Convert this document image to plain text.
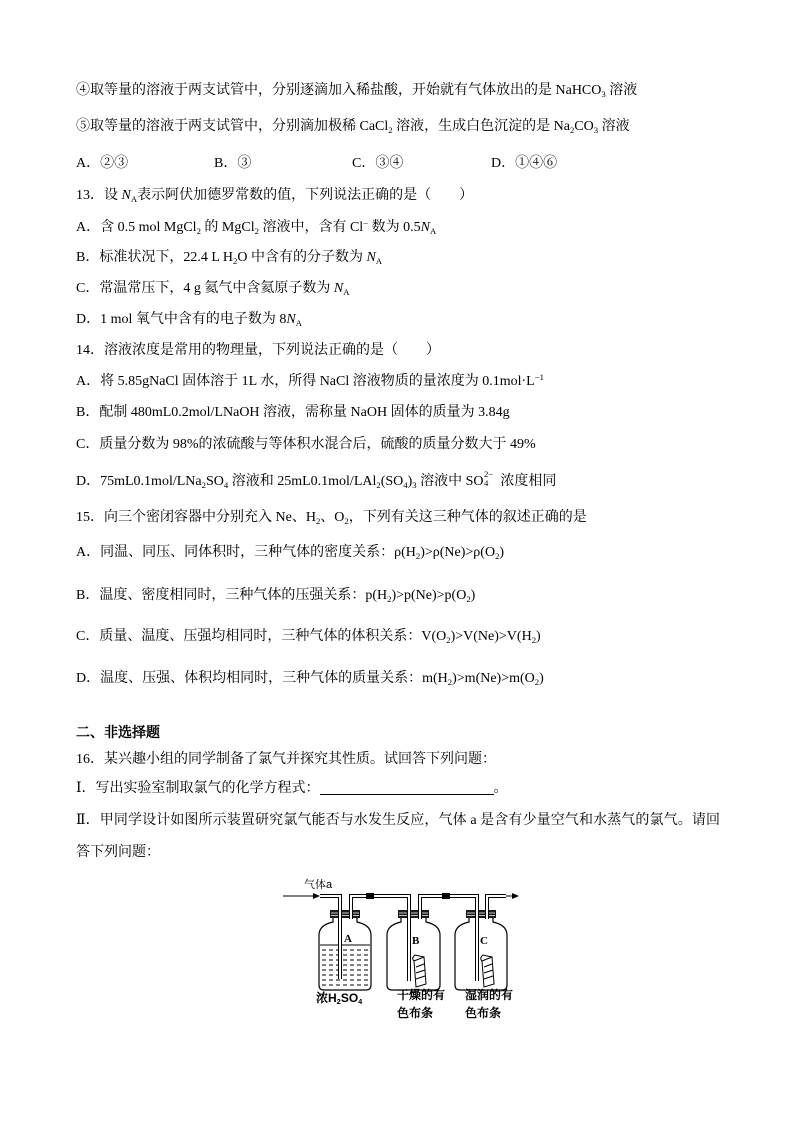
④取等量的溶液于两支试管中，分别逐滴加入稀盐酸，开始就有气体放出的是 NaHCO3 溶液
⑤取等量的溶液于两支试管中，分别滴加极稀 CaCl2 溶液，生成白色沉淀的是 Na2CO3 溶液
A．②③	B．③	C．③④	D．①④⑥
13．设 NA表示阿伏加德罗常数的值，下列说法正确的是（　　）
A．含 0.5 mol MgCl2 的 MgCl2 溶液中，含有 Cl− 数为 0.5NA
B．标准状况下，22.4 L H2O 中含有的分子数为 NA
C．常温常压下，4 g 氦气中含氦原子数为 NA
D．1 mol 氧气中含有的电子数为 8NA
14．溶液浓度是常用的物理量，下列说法正确的是（　　）
A．将 5.85gNaCl 固体溶于 1L 水，所得 NaCl 溶液物质的量浓度为 $0.1mol\cdot L^{-1}$
B．配制 480mL0.2mol/LNaOH 溶液，需称量 NaOH 固体的质量为 3.84g
C．质量分数为 98%的浓硫酸与等体积水混合后，硫酸的质量分数大于 49%
D．75mL0.1mol/LNa2SO4 溶液和 25mL0.1mol/LAl2(SO4)3 溶液中 SO
2−
4 浓度相同
15．向三个密闭容器中分别充入 Ne、H2、O2，下列有关这三种气体的叙述正确的是
A．同温、同压、同体积时，三种气体的密度关系：ρ(H2)>ρ(Ne)>ρ(O2)
B．温度、密度相同时，三种气体的压强关系：p(H2)>p(Ne)>p(O2)
C．质量、温度、压强均相同时，三种气体的体积关系：V(O2)>V(Ne)>V(H2)
D．温度、压强、体积均相同时，三种气体的质量关系：m(H2)>m(Ne)>m(O2)
二、非选择题
16．某兴趣小组的同学制备了氯气并探究其性质。试回答下列问题：
Ⅰ．写出实验室制取氯气的化学方程式：	。
Ⅱ．甲同学设计如图所示装置研究氯气能否与水发生反应，气体 a 是含有少量空气和水蒸气的氯气。请回
答下列问题：
气体a
A	B	C
浓H2SO4	干燥的有
色布条
湿润的有
色布条
